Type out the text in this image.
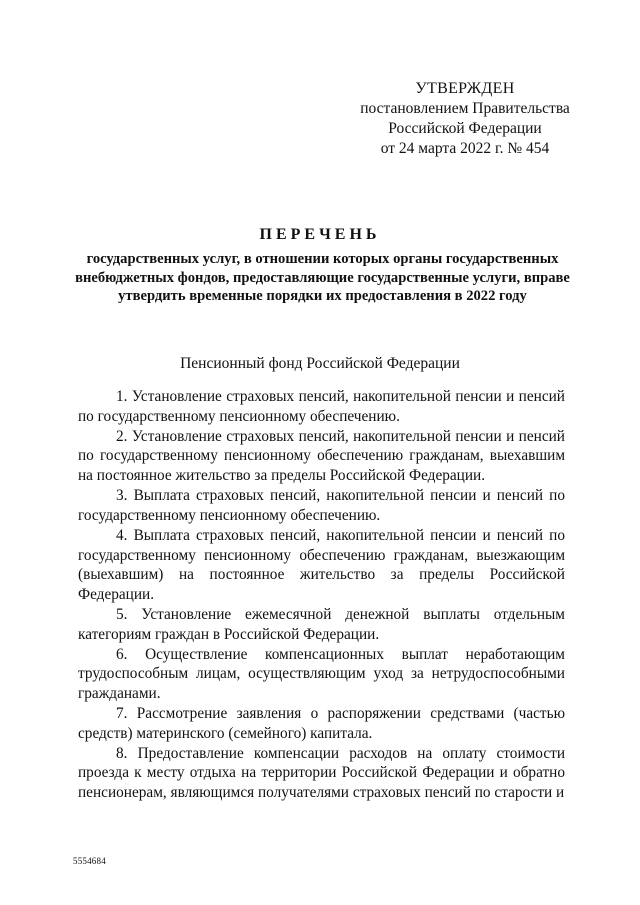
УТВЕРЖДЕН
постановлением Правительства
Российской Федерации
от 24 марта 2022 г. № 454
ПЕРЕЧЕНЬ
государственных услуг, в отношении которых органы государственных внебюджетных фондов, предоставляющие государственные услуги, вправе утвердить временные порядки их предоставления в 2022 году
Пенсионный фонд Российской Федерации

1. Установление страховых пенсий, накопительной пенсии и пенсий по государственному пенсионному обеспечению.

2. Установление страховых пенсий, накопительной пенсии и пенсий по государственному пенсионному обеспечению гражданам, выехавшим на постоянное жительство за пределы Российской Федерации.

3. Выплата страховых пенсий, накопительной пенсии и пенсий по государственному пенсионному обеспечению.

4. Выплата страховых пенсий, накопительной пенсии и пенсий по государственному пенсионному обеспечению гражданам, выезжающим (выехавшим) на постоянное жительство за пределы Российской Федерации.

5. Установление ежемесячной денежной выплаты отдельным категориям граждан в Российской Федерации.

6. Осуществление компенсационных выплат неработающим трудоспособным лицам, осуществляющим уход за нетрудоспособными гражданами.

7. Рассмотрение заявления о распоряжении средствами (частью средств) материнского (семейного) капитала.

8. Предоставление компенсации расходов на оплату стоимости проезда к месту отдыха на территории Российской Федерации и обратно пенсионерам, являющимся получателями страховых пенсий по старости и

5554684
